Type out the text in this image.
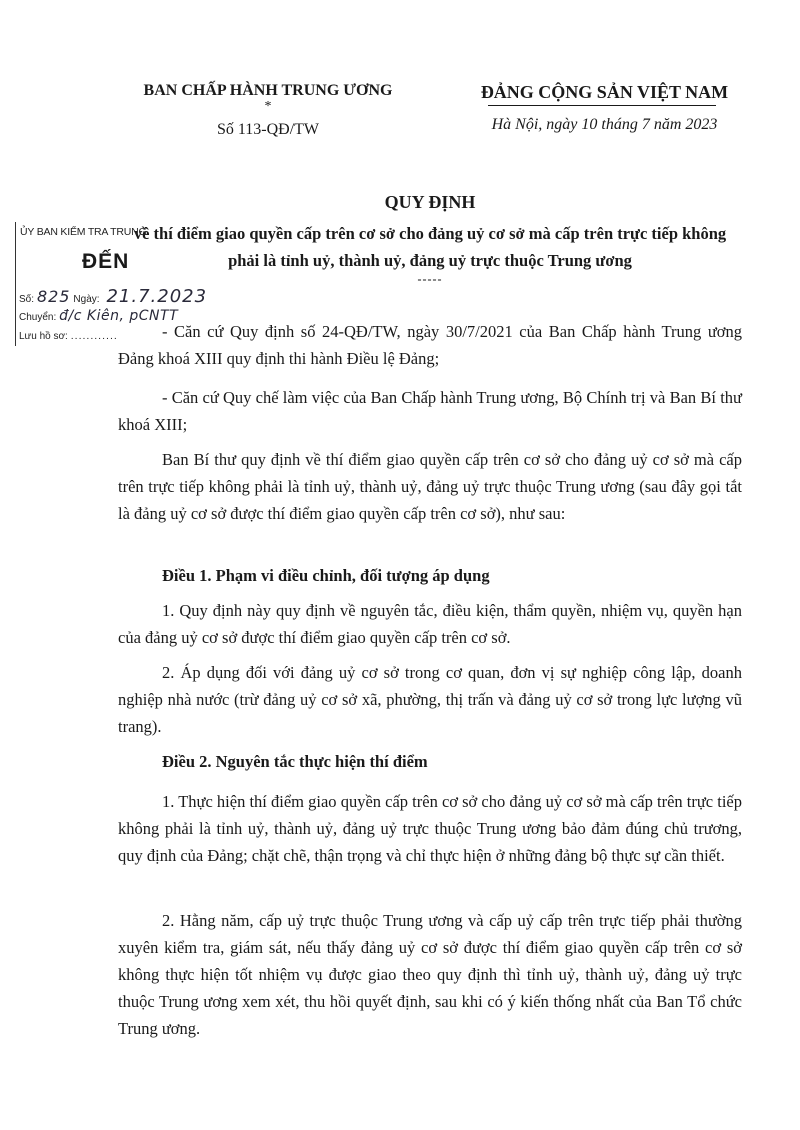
BAN CHẤP HÀNH TRUNG ƯƠNG
*
Số 113-QĐ/TW
ĐẢNG CỘNG SẢN VIỆT NAM
Hà Nội, ngày 10 tháng 7 năm 2023
QUY ĐỊNH
về thí điểm giao quyền cấp trên cơ sở cho đảng uỷ cơ sở mà cấp trên trực tiếp không phải là tỉnh uỷ, thành uỷ, đảng uỷ trực thuộc Trung ương
-----
ỦY BAN KIỂM TRA TRUNG
ĐẾN
Số: 825 Ngày: 21.7.2023
Chuyển: đ/c Kiên, pCNTT
Lưu hồ sơ: ............	- Căn cứ Quy định số 24-QĐ/TW, ngày 30/7/2021 của Ban Chấp hành Trung ương Đảng khoá XIII quy định thi hành Điều lệ Đảng;

- Căn cứ Quy chế làm việc của Ban Chấp hành Trung ương, Bộ Chính trị và Ban Bí thư khoá XIII;

Ban Bí thư quy định về thí điểm giao quyền cấp trên cơ sở cho đảng uỷ cơ sở mà cấp trên trực tiếp không phải là tỉnh uỷ, thành uỷ, đảng uỷ trực thuộc Trung ương (sau đây gọi tắt là đảng uỷ cơ sở được thí điểm giao quyền cấp trên cơ sở), như sau:

Điều 1. Phạm vi điều chỉnh, đối tượng áp dụng

1. Quy định này quy định về nguyên tắc, điều kiện, thẩm quyền, nhiệm vụ, quyền hạn của đảng uỷ cơ sở được thí điểm giao quyền cấp trên cơ sở.

2. Áp dụng đối với đảng uỷ cơ sở trong cơ quan, đơn vị sự nghiệp công lập, doanh nghiệp nhà nước (trừ đảng uỷ cơ sở xã, phường, thị trấn và đảng uỷ cơ sở trong lực lượng vũ trang).

Điều 2. Nguyên tắc thực hiện thí điểm

1. Thực hiện thí điểm giao quyền cấp trên cơ sở cho đảng uỷ cơ sở mà cấp trên trực tiếp không phải là tỉnh uỷ, thành uỷ, đảng uỷ trực thuộc Trung ương bảo đảm đúng chủ trương, quy định của Đảng; chặt chẽ, thận trọng và chỉ thực hiện ở những đảng bộ thực sự cần thiết.

2. Hằng năm, cấp uỷ trực thuộc Trung ương và cấp uỷ cấp trên trực tiếp phải thường xuyên kiểm tra, giám sát, nếu thấy đảng uỷ cơ sở được thí điểm giao quyền cấp trên cơ sở không thực hiện tốt nhiệm vụ được giao theo quy định thì tỉnh uỷ, thành uỷ, đảng uỷ trực thuộc Trung ương xem xét, thu hồi quyết định, sau khi có ý kiến thống nhất của Ban Tổ chức Trung ương.
